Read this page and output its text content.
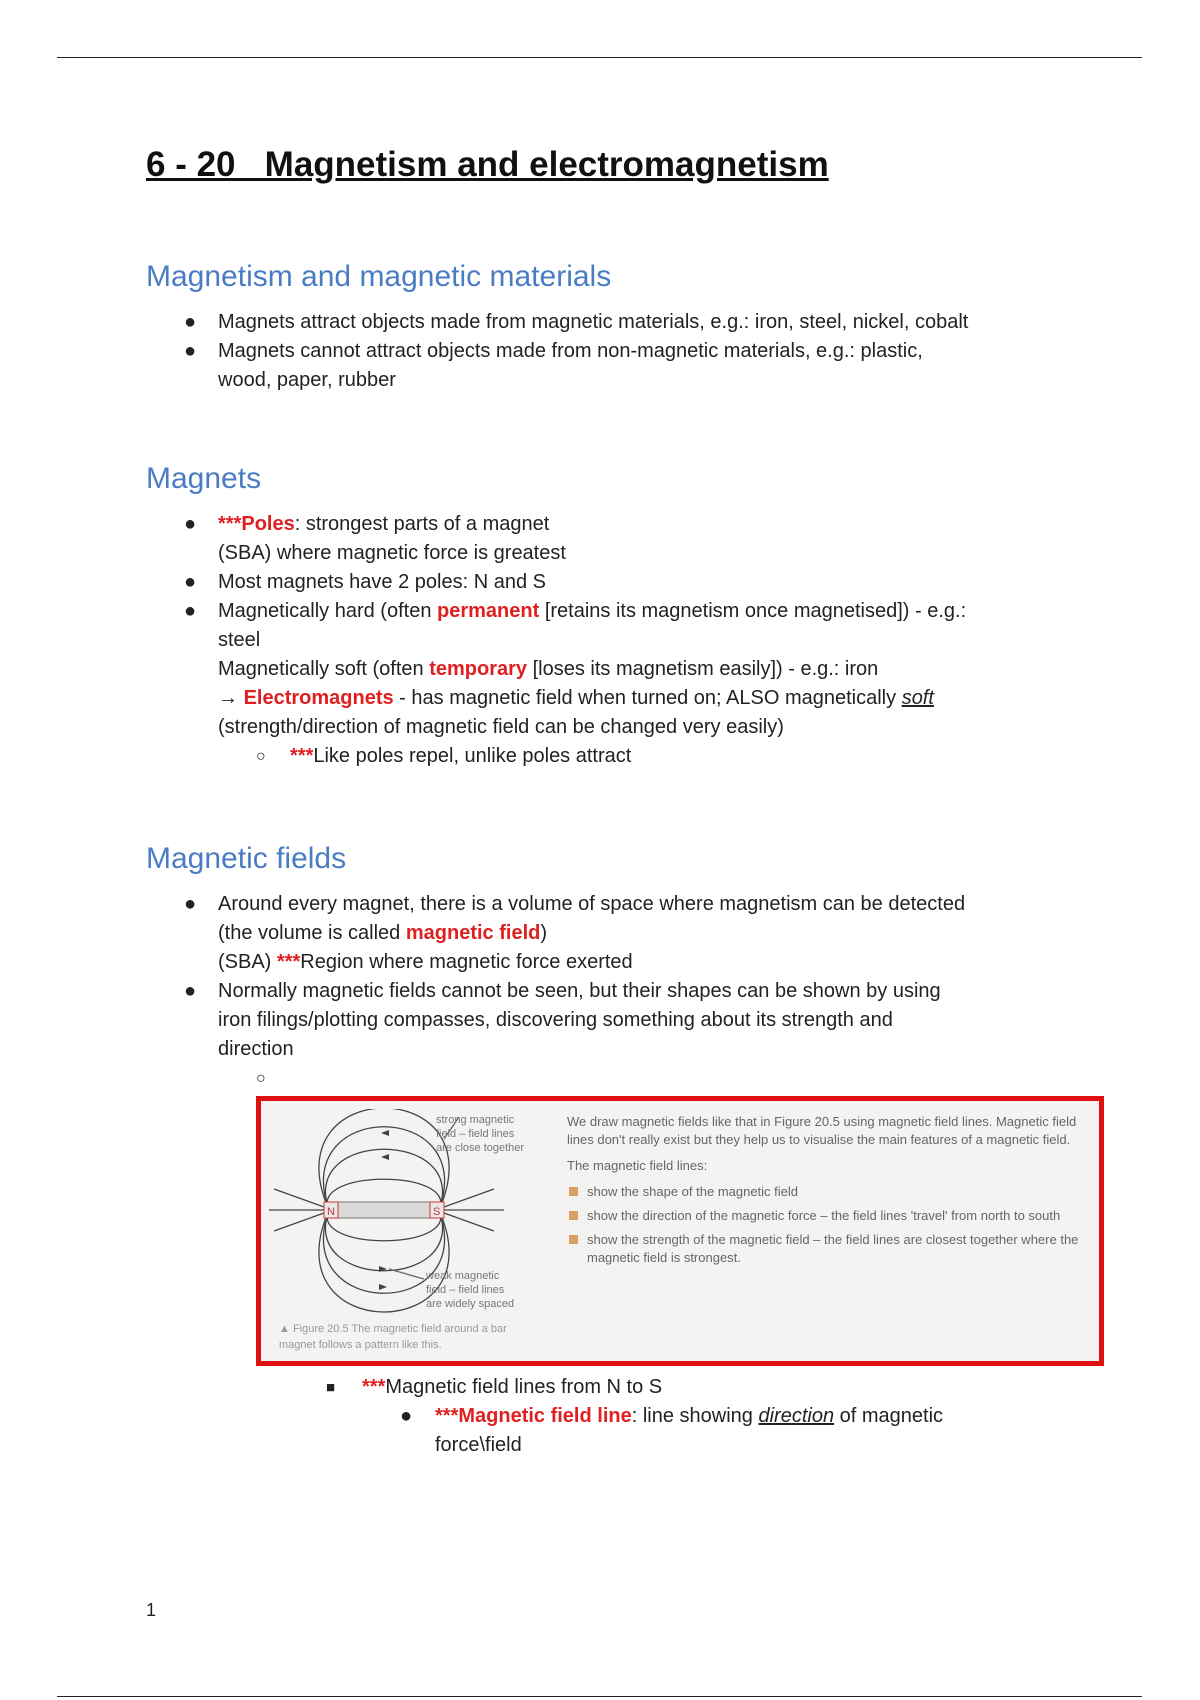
6 - 20   Magnetism and electromagnetism
Magnetism and magnetic materials
● Magnets attract objects made from magnetic materials, e.g.: iron, steel, nickel, cobalt
● Magnets cannot attract objects made from non-magnetic materials, e.g.: plastic,
wood, paper, rubber
Magnets
● ***Poles: strongest parts of a magnet
(SBA) where magnetic force is greatest
● Most magnets have 2 poles: N and S
● Magnetically hard (often permanent [retains its magnetism once magnetised]) - e.g.:
steel
Magnetically soft (often temporary [loses its magnetism easily]) - e.g.: iron
→ Electromagnets - has magnetic field when turned on; ALSO magnetically soft
(strength/direction of magnetic field can be changed very easily)
○ ***Like poles repel, unlike poles attract
Magnetic fields
● Around every magnet, there is a volume of space where magnetism can be detected
(the volume is called magnetic field)
(SBA) ***Region where magnetic force exerted
● Normally magnetic fields cannot be seen, but their shapes can be shown by using
iron filings/plotting compasses, discovering something about its strength and
direction
○
N	S
strong magnetic
field – field lines
are close together
weak magnetic
field – field lines
are widely spaced
▲ Figure 20.5 The magnetic field around a bar magnet follows a pattern like this.

We draw magnetic fields like that in Figure 20.5 using magnetic field lines. Magnetic field lines don't really exist but they help us to visualise the main features of a magnetic field.

The magnetic field lines:

show the shape of the magnetic field
show the direction of the magnetic force – the field lines 'travel' from north to south
show the strength of the magnetic field – the field lines are closest together where the magnetic field is strongest.
■ ***Magnetic field lines from N to S
● ***Magnetic field line: line showing direction of magnetic
force\field
1
